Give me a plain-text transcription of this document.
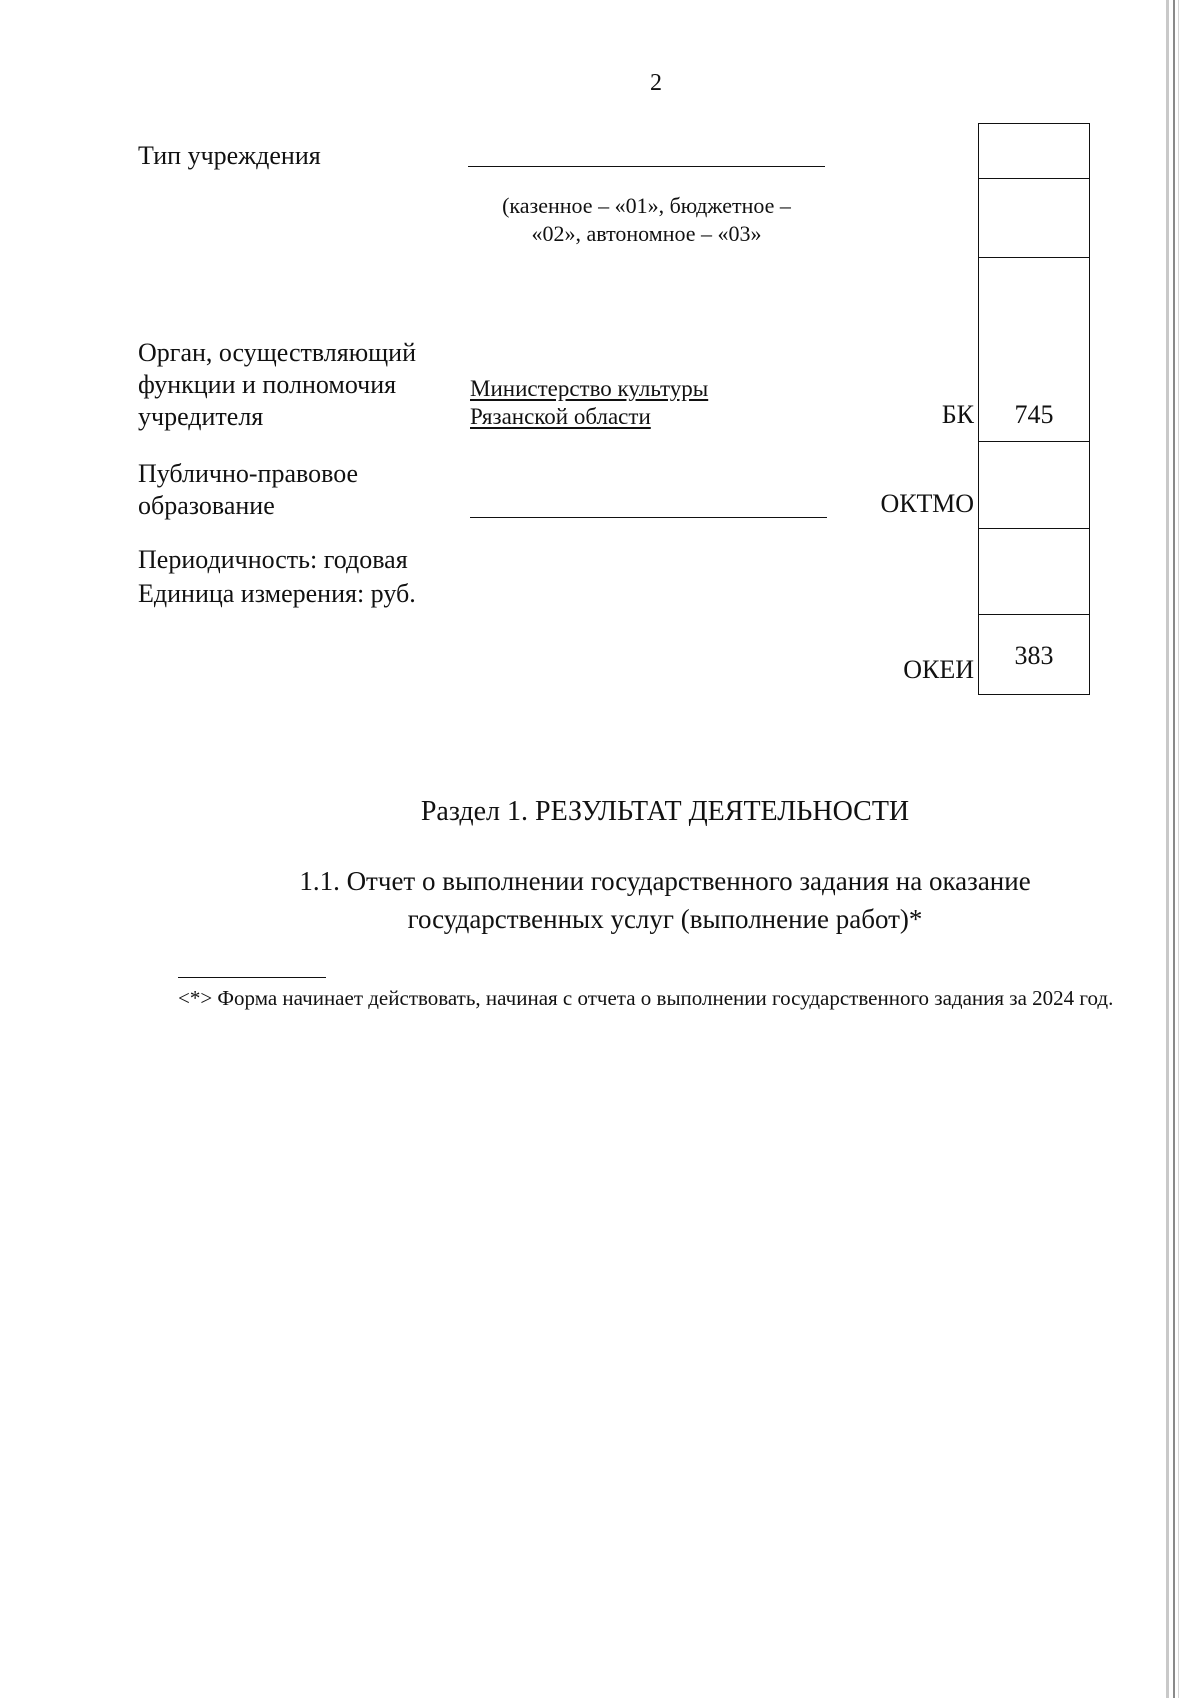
2
Тип учреждения
(казенное – «01», бюджетное –
«02», автономное – «03»
Орган, осуществляющий
функции и полномочия
учредителя
Министерство культуры
Рязанской области
Публично-правовое
образование
Периодичность: годовая
Единица измерения: руб.
БК	745
ОКТМО
ОКЕИ	383
Раздел 1. РЕЗУЛЬТАТ ДЕЯТЕЛЬНОСТИ
1.1. Отчет о выполнении государственного задания на оказание
государственных услуг (выполнение работ)*
<*> Форма начинает действовать, начиная с отчета о выполнении государственного задания за 2024 год.
